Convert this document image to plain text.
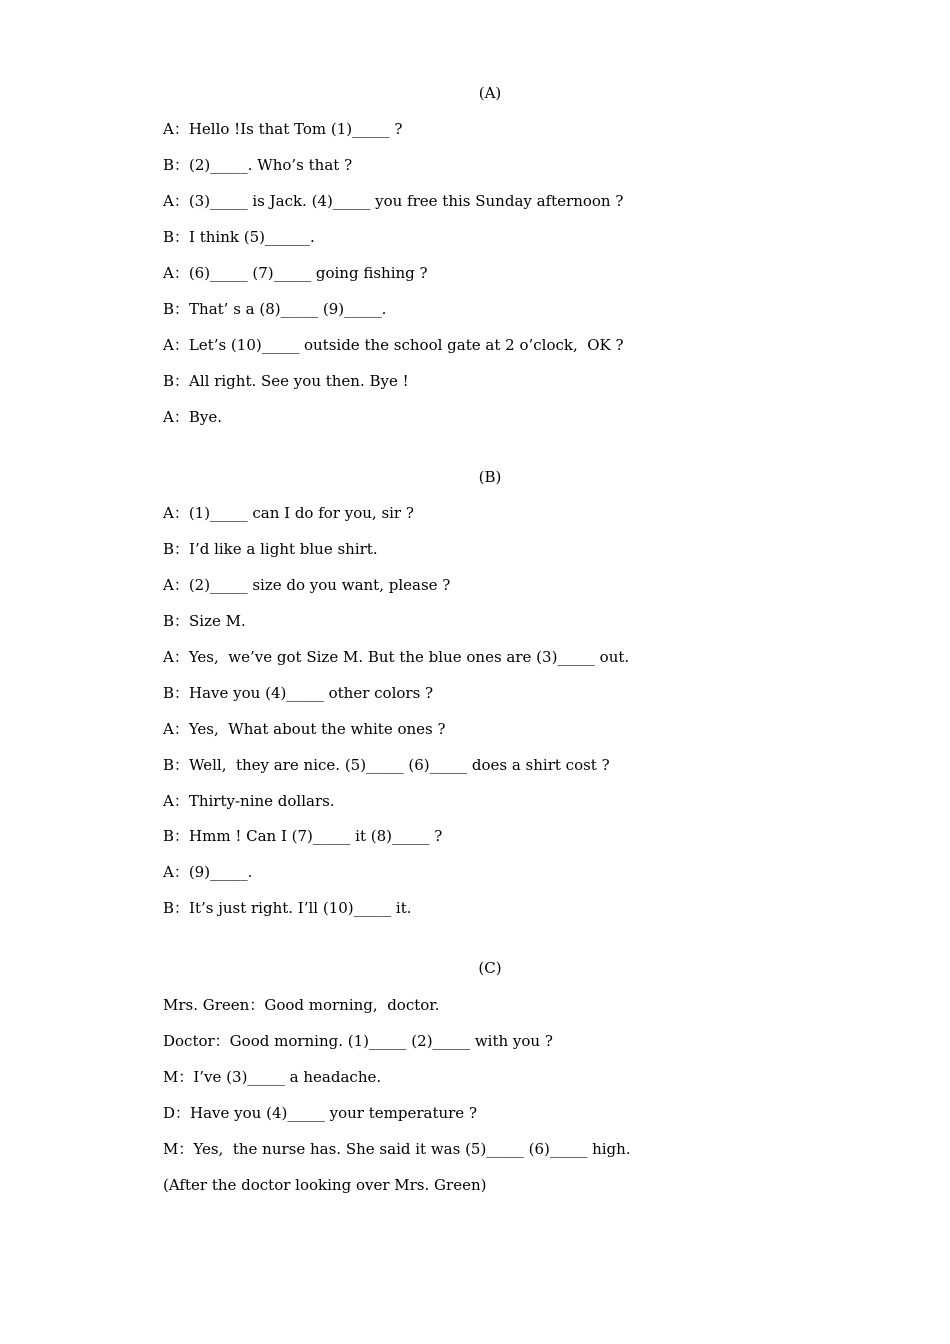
(A)
A：Hello !Is that Tom (1)_____ ?
B：(2)_____. Who’s that ?
A：(3)_____ is Jack. (4)_____ you free this Sunday afternoon ?
B：I think (5)______.
A：(6)_____ (7)_____ going fishing ?
B：That’ s a (8)_____ (9)_____.
A：Let’s (10)_____ outside the school gate at 2 o’clock,  OK ?
B：All right. See you then. Bye !
A：Bye.
(B)
A：(1)_____ can I do for you, sir ?
B：I’d like a light blue shirt.
A：(2)_____ size do you want, please ?
B：Size M.
A：Yes,  we’ve got Size M. But the blue ones are (3)_____ out.
B：Have you (4)_____ other colors ?
A：Yes,  What about the white ones ?
B：Well,  they are nice. (5)_____ (6)_____ does a shirt cost ?
A：Thirty-nine dollars.
B：Hmm ! Can I (7)_____ it (8)_____ ?
A：(9)_____.
B：It’s just right. I’ll (10)_____ it.
(C)
Mrs. Green：Good morning,  doctor.
Doctor：Good morning. (1)_____ (2)_____ with you ?
M：I’ve (3)_____ a headache.
D：Have you (4)_____ your temperature ?
M：Yes,  the nurse has. She said it was (5)_____ (6)_____ high.
(After the doctor looking over Mrs. Green)
